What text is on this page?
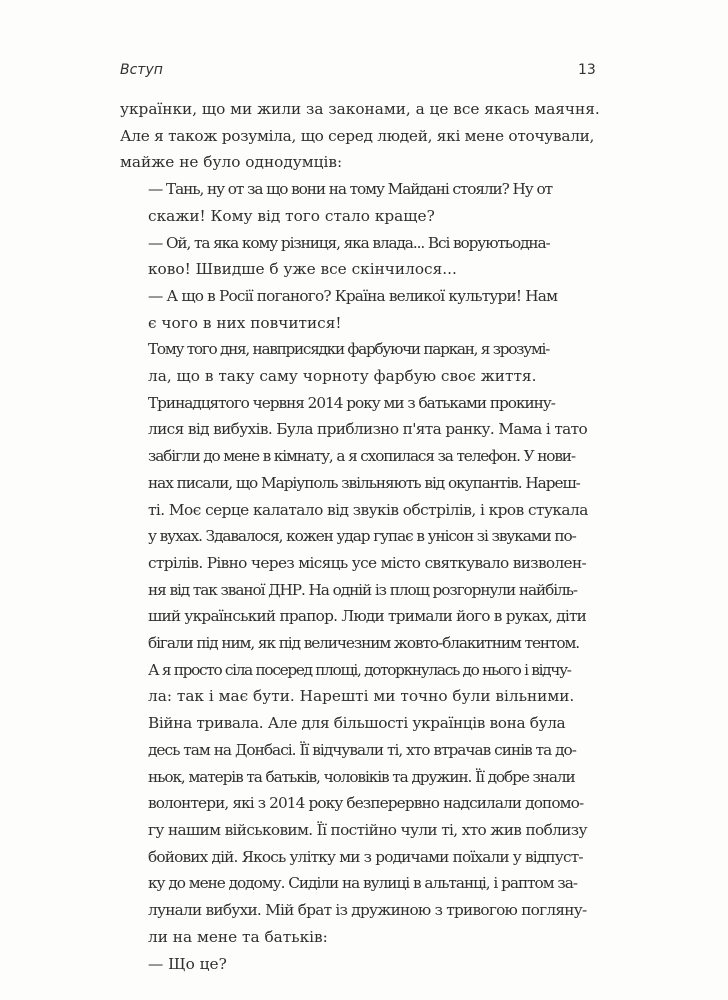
Вступ	13

українки, що ми жили за законами, а це все якась маячня.
Але я також розуміла, що серед людей, які мене оточували,
майже не було однодумців:

— Тань, ну от за що вони на тому Майдані стояли? Ну от
скажи! Кому від того стало краще?

— Ой, та яка кому різниця, яка влада... Всі воруютьодна-
ково! Швидше б уже все скінчилося...

— А що в Росії поганого? Країна великої культури! Нам
є чого в них повчитися!

Тому того дня, навприсядки фарбуючи паркан, я зрозумі-
ла, що в таку саму чорноту фарбую своє життя.

Тринадцятого червня 2014 року ми з батьками прокину-
лися від вибухів. Була приблизно п'ята ранку. Мама і тато
забігли до мене в кімнату, а я схопилася за телефон. У нови-
нах писали, що Маріуполь звільняють від окупантів. Нареш-
ті. Моє серце калатало від звуків обстрілів, і кров стукала
у вухах. Здавалося, кожен удар гупає в унісон зі звуками по-
стрілів. Рівно через місяць усе місто святкувало визволен-
ня від так званої ДНР. На одній із площ розгорнули найбіль-
ший український прапор. Люди тримали його в руках, діти
бігали під ним, як під величезним жовто-блакитним тентом.
А я просто сіла посеред площі, доторкнулась до нього і відчу-
ла: так і має бути. Нарешті ми точно були вільними.

Війна тривала. Але для більшості українців вона була
десь там на Донбасі. Її відчували ті, хто втрачав синів та до-
ньок, матерів та батьків, чоловіків та дружин. Її добре знали
волонтери, які з 2014 року безперервно надсилали допомо-
гу нашим військовим. Її постійно чули ті, хто жив поблизу
бойових дій. Якось улітку ми з родичами поїхали у відпуст-
ку до мене додому. Сиділи на вулиці в альтанці, і раптом за-
лунали вибухи. Мій брат із дружиною з тривогою погляну-
ли на мене та батьків:

— Що це?
